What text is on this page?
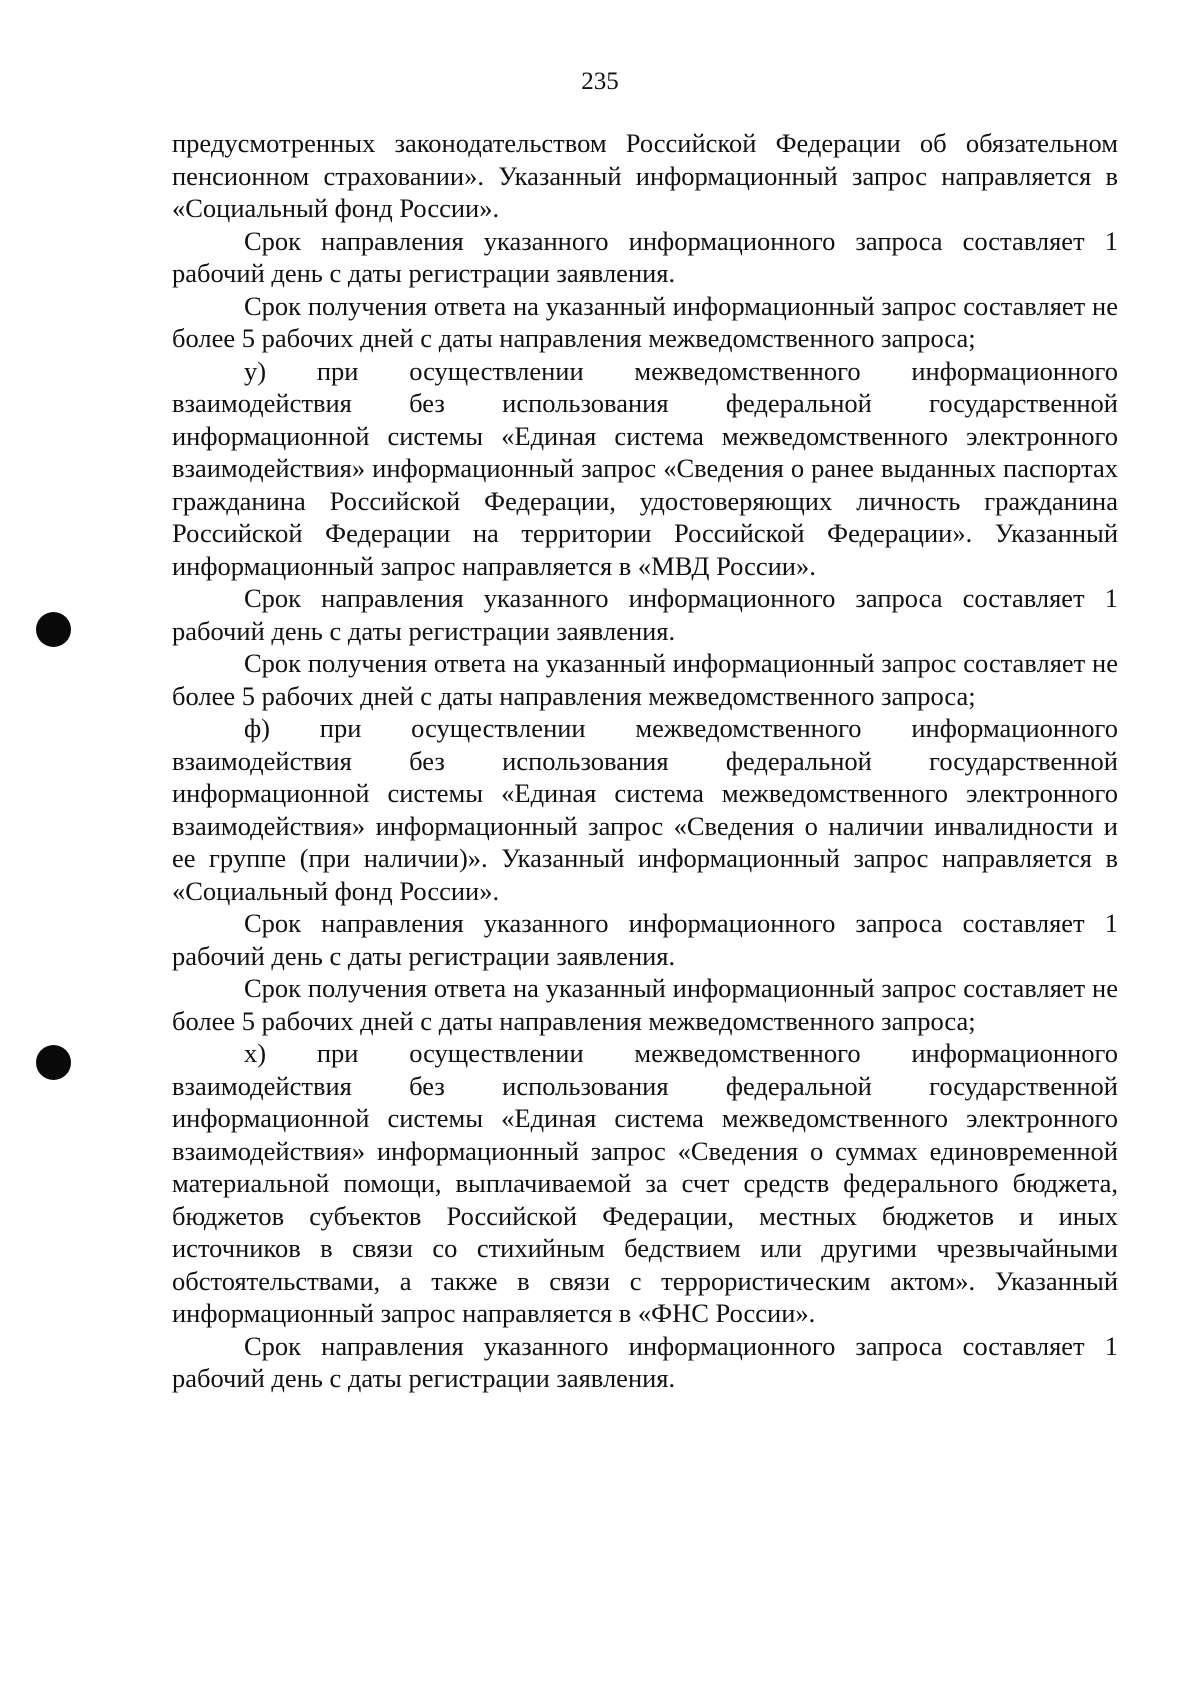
235

предусмотренных законодательством Российской Федерации об обязательном пенсионном страховании». Указанный информационный запрос направляется в «Социальный фонд России».

Срок направления указанного информационного запроса составляет 1 рабочий день с даты регистрации заявления.

Срок получения ответа на указанный информационный запрос составляет не более 5 рабочих дней с даты направления межведомственного запроса;

у) при осуществлении межведомственного информационного взаимодействия без использования федеральной государственной информационной системы «Единая система межведомственного электронного взаимодействия» информационный запрос «Сведения о ранее выданных паспортах гражданина Российской Федерации, удостоверяющих личность гражданина Российской Федерации на территории Российской Федерации». Указанный информационный запрос направляется в «МВД России».

Срок направления указанного информационного запроса составляет 1 рабочий день с даты регистрации заявления.

Срок получения ответа на указанный информационный запрос составляет не более 5 рабочих дней с даты направления межведомственного запроса;

ф) при осуществлении межведомственного информационного взаимодействия без использования федеральной государственной информационной системы «Единая система межведомственного электронного взаимодействия» информационный запрос «Сведения о наличии инвалидности и ее группе (при наличии)». Указанный информационный запрос направляется в «Социальный фонд России».

Срок направления указанного информационного запроса составляет 1 рабочий день с даты регистрации заявления.

Срок получения ответа на указанный информационный запрос составляет не более 5 рабочих дней с даты направления межведомственного запроса;

х) при осуществлении межведомственного информационного взаимодействия без использования федеральной государственной информационной системы «Единая система межведомственного электронного взаимодействия» информационный запрос «Сведения о суммах единовременной материальной помощи, выплачиваемой за счет средств федерального бюджета, бюджетов субъектов Российской Федерации, местных бюджетов и иных источников в связи со стихийным бедствием или другими чрезвычайными обстоятельствами, а также в связи с террористическим актом». Указанный информационный запрос направляется в «ФНС России».

Срок направления указанного информационного запроса составляет 1 рабочий день с даты регистрации заявления.
